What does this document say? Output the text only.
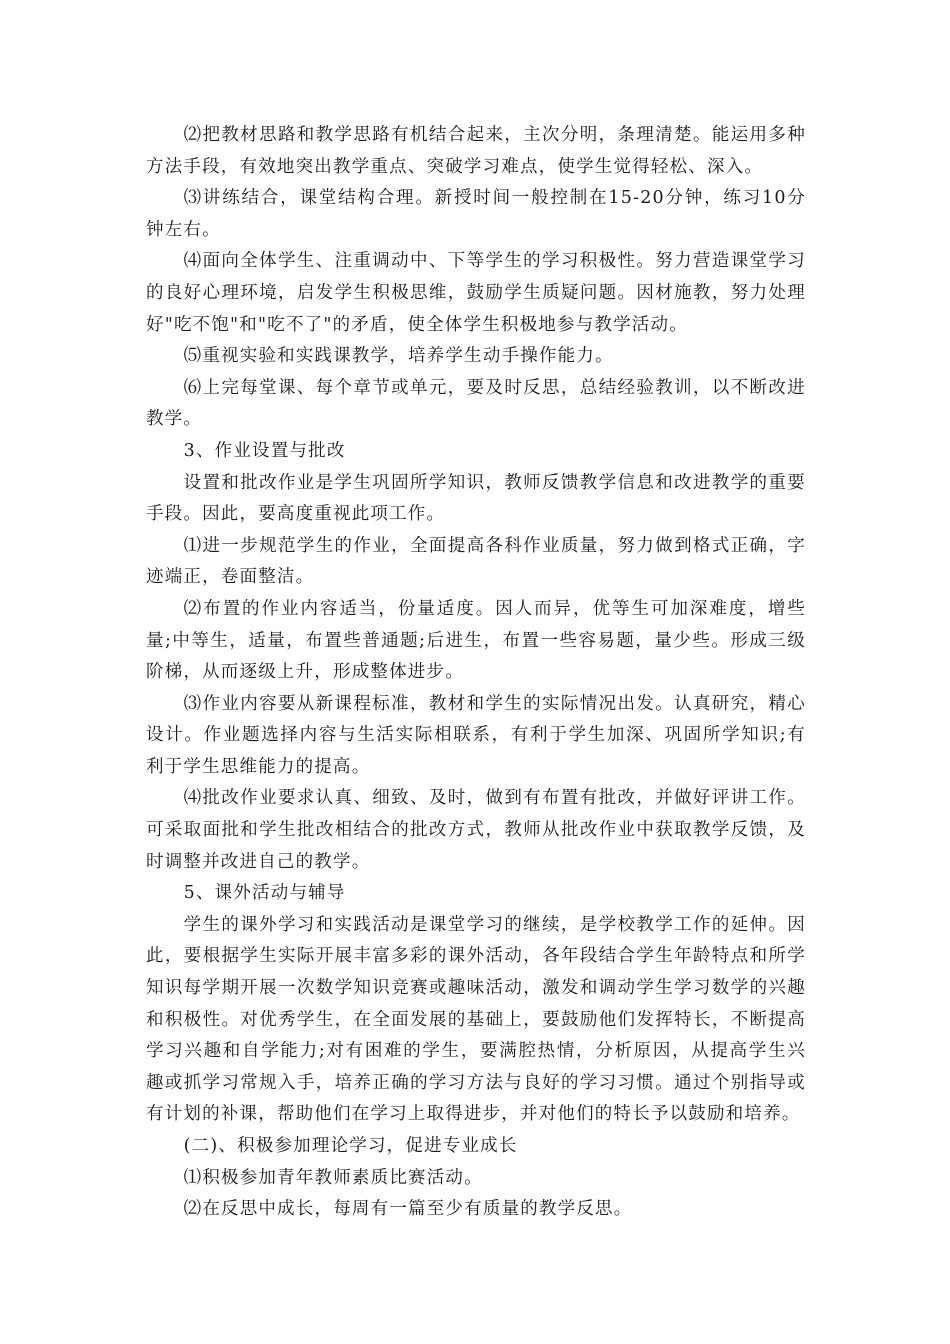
⑵把教材思路和教学思路有机结合起来，主次分明，条理清楚。能运用多种方法手段，有效地突出教学重点、突破学习难点，使学生觉得轻松、深入。

⑶讲练结合，课堂结构合理。新授时间一般控制在15-20分钟，练习10分钟左右。

⑷面向全体学生、注重调动中、下等学生的学习积极性。努力营造课堂学习的良好心理环境，启发学生积极思维，鼓励学生质疑问题。因材施教，努力处理好"吃不饱"和"吃不了"的矛盾，使全体学生积极地参与教学活动。

⑸重视实验和实践课教学，培养学生动手操作能力。

⑹上完每堂课、每个章节或单元，要及时反思，总结经验教训，以不断改进教学。

3、作业设置与批改

设置和批改作业是学生巩固所学知识，教师反馈教学信息和改进教学的重要手段。因此，要高度重视此项工作。

⑴进一步规范学生的作业，全面提高各科作业质量，努力做到格式正确，字迹端正，卷面整洁。

⑵布置的作业内容适当，份量适度。因人而异，优等生可加深难度，增些量;中等生，适量，布置些普通题;后进生，布置一些容易题，量少些。形成三级阶梯，从而逐级上升，形成整体进步。

⑶作业内容要从新课程标准，教材和学生的实际情况出发。认真研究，精心设计。作业题选择内容与生活实际相联系，有利于学生加深、巩固所学知识;有利于学生思维能力的提高。

⑷批改作业要求认真、细致、及时，做到有布置有批改，并做好评讲工作。可采取面批和学生批改相结合的批改方式，教师从批改作业中获取教学反馈，及时调整并改进自己的教学。

5、课外活动与辅导

学生的课外学习和实践活动是课堂学习的继续，是学校教学工作的延伸。因此，要根据学生实际开展丰富多彩的课外活动，各年段结合学生年龄特点和所学知识每学期开展一次数学知识竞赛或趣味活动，激发和调动学生学习数学的兴趣和积极性。对优秀学生，在全面发展的基础上，要鼓励他们发挥特长，不断提高学习兴趣和自学能力;对有困难的学生，要满腔热情，分析原因，从提高学生兴趣或抓学习常规入手，培养正确的学习方法与良好的学习习惯。通过个别指导或有计划的补课，帮助他们在学习上取得进步，并对他们的特长予以鼓励和培养。

(二)、积极参加理论学习，促进专业成长

⑴积极参加青年教师素质比赛活动。

⑵在反思中成长，每周有一篇至少有质量的教学反思。
